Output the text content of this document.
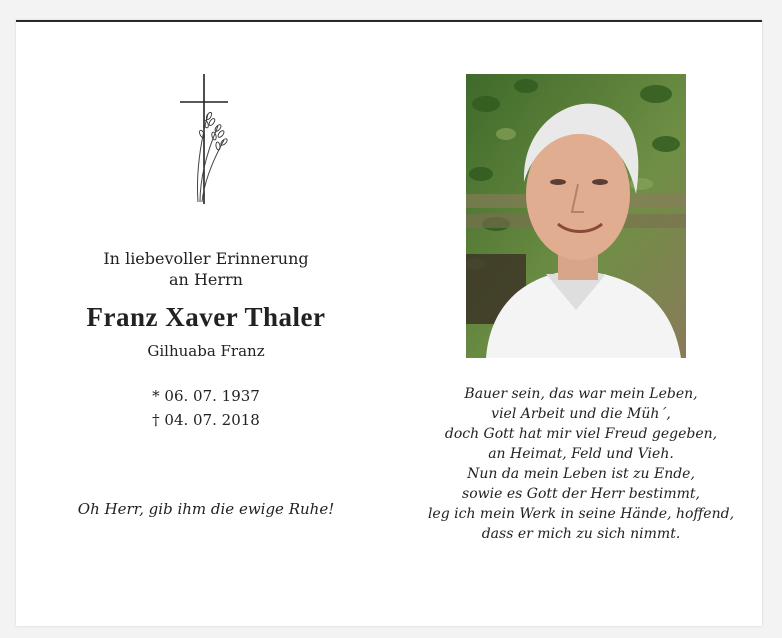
In liebevoller Erinnerung
an Herrn
Franz Xaver Thaler
Gilhuaba Franz
* 06. 07. 1937
† 04. 07. 2018
Oh Herr, gib ihm die ewige Ruhe!
Bauer sein, das war mein Leben,
viel Arbeit und die Müh´,
doch Gott hat mir viel Freud gegeben,
an Heimat, Feld und Vieh.
Nun da mein Leben ist zu Ende,
sowie es Gott der Herr bestimmt,
leg ich mein Werk in seine Hände, hoffend,
dass er mich zu sich nimmt.
